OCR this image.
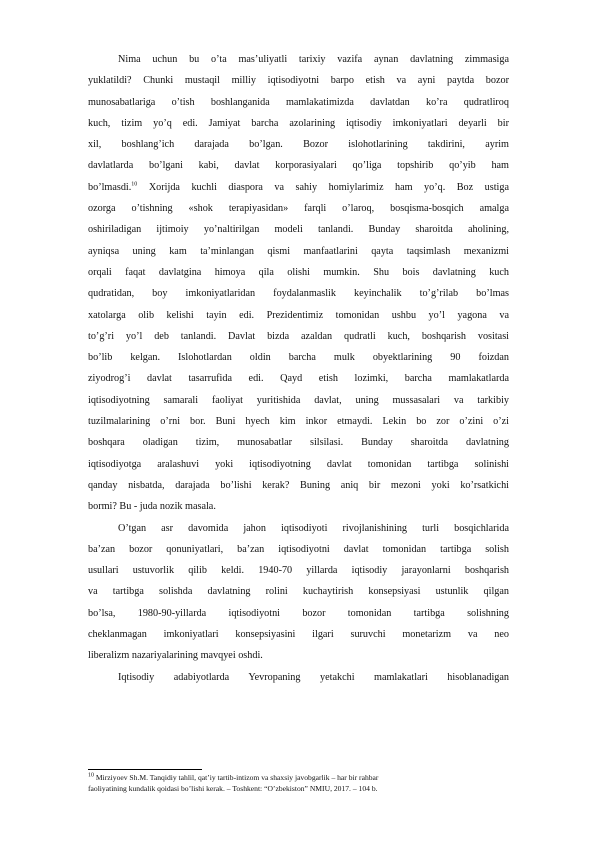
Nima uchun bu o’ta mas’uliyatli tarixiy vazifa aynan davlatning zimmasiga
yuklatildi? Chunki mustaqil milliy iqtisodiyotni barpo etish va ayni paytda bozor
munosabatlariga o’tish boshlanganida mamlakatimizda davlatdan ko’ra qudratliroq
kuch, tizim yo’q edi. Jamiyat barcha azolarining iqtisodiy imkoniyatlari deyarli bir
xil, boshlang’ich darajada bo’lgan. Bozor islohotlarining takdirini, ayrim
davlatlarda bo’lgani kabi, davlat korporasiyalari qo’liga topshirib qo’yib ham
bo’lmasdi.$^{10}$ Xorijda kuchli diaspora va sahiy homiylarimiz ham yo’q. Boz ustiga
ozorga o’tishning «shok terapiyasidan» farqli o’laroq, bosqisma-bosqich amalga
oshiriladigan ijtimoiy yo’naltirilgan modeli tanlandi. Bunday sharoitda aholining,
ayniqsa uning kam ta’minlangan qismi manfaatlarini qayta taqsimlash mexanizmi
orqali faqat davlatgina himoya qila olishi mumkin. Shu bois davlatning kuch
qudratidan, boy imkoniyatlaridan foydalanmaslik keyinchalik to’g’rilab bo’lmas
xatolarga olib kelishi tayin edi. Prezidentimiz tomonidan ushbu yo’l yagona va
to’g’ri yo’l deb tanlandi. Davlat bizda azaldan qudratli kuch, boshqarish vositasi
bo’lib kelgan. Islohotlardan oldin barcha mulk obyektlarining 90 foizdan
ziyodrog’i davlat tasarrufida edi. Qayd etish lozimki, barcha mamlakatlarda
iqtisodiyotning samarali faoliyat yuritishida davlat, uning mussasalari va tarkibiy
tuzilmalarining o’rni bor. Buni hyech kim inkor etmaydi. Lekin bo zor o’zini o’zi
boshqara oladigan tizim, munosabatlar silsilasi. Bunday sharoitda davlatning
iqtisodiyotga aralashuvi yoki iqtisodiyotning davlat tomonidan tartibga solinishi
qanday nisbatda, darajada bo’lishi kerak? Buning aniq bir mezoni yoki ko’rsatkichi
bormi? Bu - juda nozik masala.
O’tgan asr davomida jahon iqtisodiyoti rivojlanishining turli bosqichlarida
ba’zan bozor qonuniyatlari, ba’zan iqtisodiyotni davlat tomonidan tartibga solish
usullari ustuvorlik qilib keldi. 1940-70 yillarda iqtisodiy jarayonlarni boshqarish
va tartibga solishda davlatning rolini kuchaytirish konsepsiyasi ustunlik qilgan
bo’lsa, 1980-90-yillarda iqtisodiyotni bozor tomonidan tartibga solishning
cheklanmagan imkoniyatlari konsepsiyasini ilgari suruvchi monetarizm va neo
liberalizm nazariyalarining mavqyei oshdi.
Iqtisodiy adabiyotlarda Yevropaning yetakchi mamlakatlari hisoblanadigan
$^{10}$ Mirziyoev Sh.M. Tanqidiy tahlil, qat’iy tartib-intizom va shaxsiy javobgarlik – har bir rahbar
faoliyatining kundalik qoidasi bo’lishi kerak. – Toshkent: “O’zbekiston” NMIU, 2017. – 104 b.
